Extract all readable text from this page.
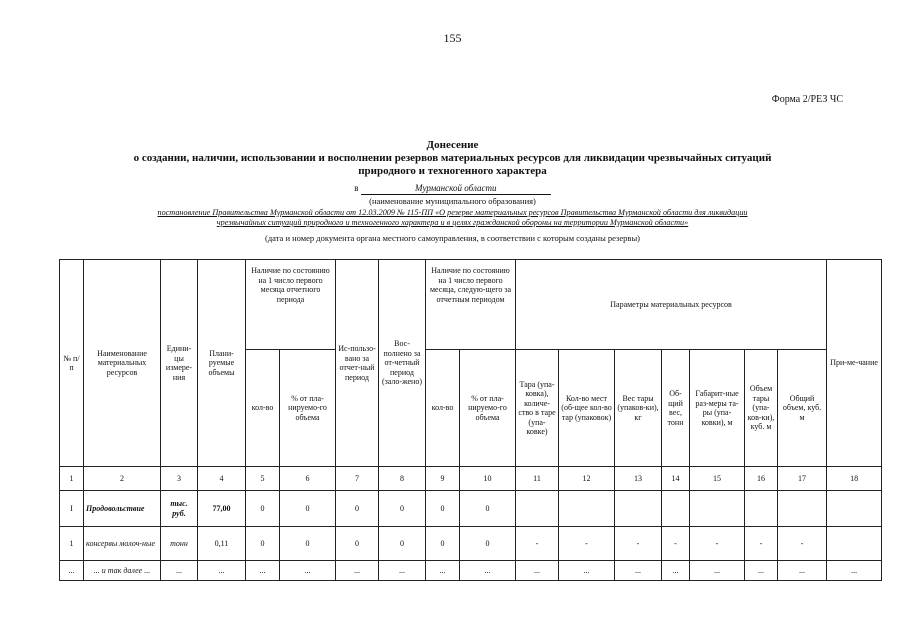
155
Форма 2/РЕЗ ЧС
Донесение
о создании, наличии, использовании и восполнении резервов материальных ресурсов для ликвидации чрезвычайных ситуаций
природного и техногенного характера
в	Мурманской области
(наименование муниципального образования)
постановление Правительства Мурманской области от 12.03.2009 № 115-ПП «О резерве материальных ресурсов Правительства Мурманской области для ликвидации
чрезвычайных ситуаций природного и техногенного характера и в целях гражданской обороны на территории Мурманской области»
(дата и номер документа органа местного самоуправления, в соответствии с которым созданы резервы)
№ п/п	Наименование материальных ресурсов	Едини-цы измере-ния	Плани-руемые объемы	Наличие по состоянию на 1 число первого месяца отчетного периода		Ис-пользо-вано за отчет-ный период	Вос-полнено за от-четный период (зало-жено)	Наличие по состоянию на 1 число первого месяца, следую-щего за отчетным периодом		Параметры материальных ресурсов							При-ме-чание
				кол-во	% от пла-нируемо-го объема			кол-во	% от пла-нируемо-го объема	Тара (упа-ковка), количе-ство в таре (упа-ковке)	Кол-во мест (об-щее кол-во тар (упаковок)	Вес тары (упаков-ки), кг	Об-щий вес, тонн	Габарит-ные раз-меры та-ры (упа-ковки), м	Объем тары (упа-ков-ки), куб. м	Общий объем, куб. м	
1	2	3	4	5	6	7	8	9	10	11	12	13	14	15	16	17	18
I	Продовольствие	тыс. руб.	77,00	0	0	0	0	0	0								
1	консервы молоч-ные	тонн	0,11	0	0	0	0	0	0	-	-	-	-	-	-	-	
...	... и так далее ...	...	...	...	...	...	...	...	...	...	...	...	...	...	...	...	...
